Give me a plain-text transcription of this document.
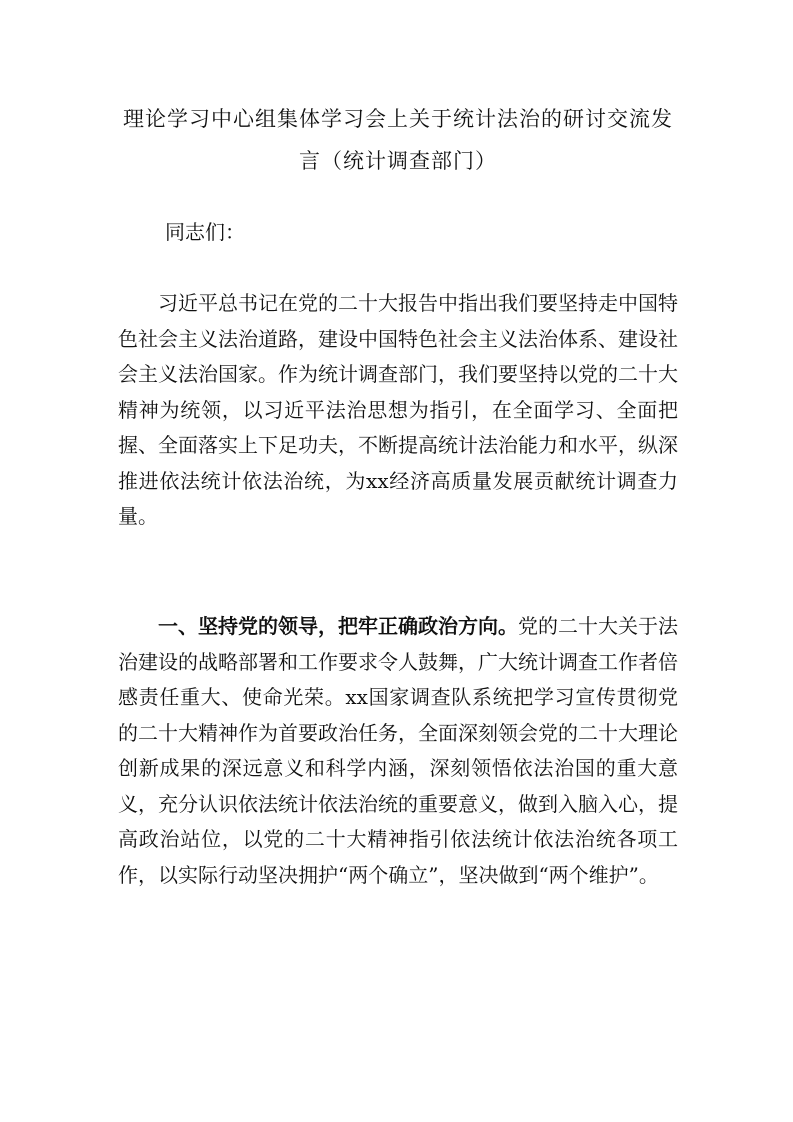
理论学习中心组集体学习会上关于统计法治的研讨交流发言（统计调查部门）
同志们：
习近平总书记在党的二十大报告中指出我们要坚持走中国特色社会主义法治道路，建设中国特色社会主义法治体系、建设社会主义法治国家。作为统计调查部门，我们要坚持以党的二十大精神为统领，以习近平法治思想为指引，在全面学习、全面把握、全面落实上下足功夫，不断提高统计法治能力和水平，纵深推进依法统计依法治统，为xx经济高质量发展贡献统计调查力量。
一、坚持党的领导，把牢正确政治方向。党的二十大关于法治建设的战略部署和工作要求令人鼓舞，广大统计调查工作者倍感责任重大、使命光荣。xx国家调查队系统把学习宣传贯彻党的二十大精神作为首要政治任务，全面深刻领会党的二十大理论创新成果的深远意义和科学内涵，深刻领悟依法治国的重大意义，充分认识依法统计依法治统的重要意义，做到入脑入心，提高政治站位，以党的二十大精神指引依法统计依法治统各项工作，以实际行动坚决拥护“两个确立”，坚决做到“两个维护”。
